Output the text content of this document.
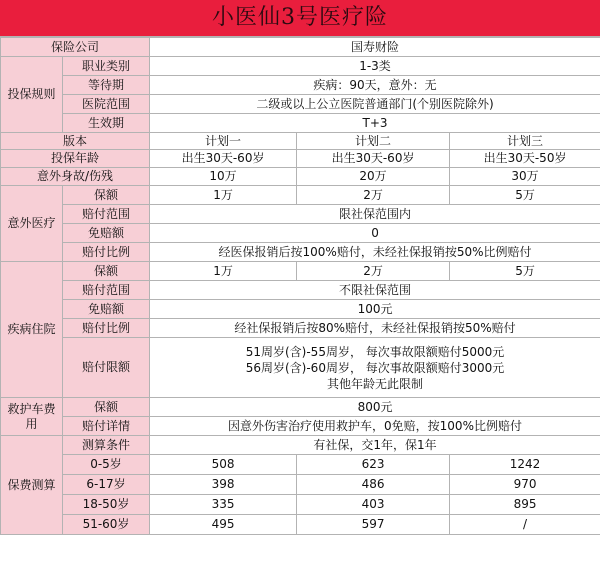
小医仙3号医疗险
保险公司		国寿财险		
投保规则	职业类别	1-3类		
	等待期	疾病：90天，意外：无		
	医院范围	二级或以上公立医院普通部门(个别医院除外)		
	生效期	T+3		
版本		计划一	计划二	计划三
投保年龄		出生30天-60岁	出生30天-60岁	出生30天-50岁
意外身故/伤残		10万	20万	30万
意外医疗	保额	1万	2万	5万
	赔付范围	限社保范围内		
	免赔额	0		
	赔付比例	经医保报销后按100%赔付，未经社保报销按50%比例赔付		
疾病住院	保额	1万	2万	5万
	赔付范围	不限社保范围		
	免赔额	100元		
	赔付比例	经社保报销后按80%赔付，未经社保报销按50%赔付		
	赔付限额	51周岁(含)-55周岁， 每次事故限额赔付5000元
56周岁(含)-60周岁， 每次事故限额赔付3000元
其他年龄无此限制		

救护车费用	保额	800元		
	赔付详情	因意外伤害治疗使用救护车，0免赔，按100%比例赔付		
保费测算	测算条件	有社保，交1年，保1年		
	0-5岁	508	623	1242
	6-17岁	398	486	970
	18-50岁	335	403	895
	51-60岁	495	597	/
